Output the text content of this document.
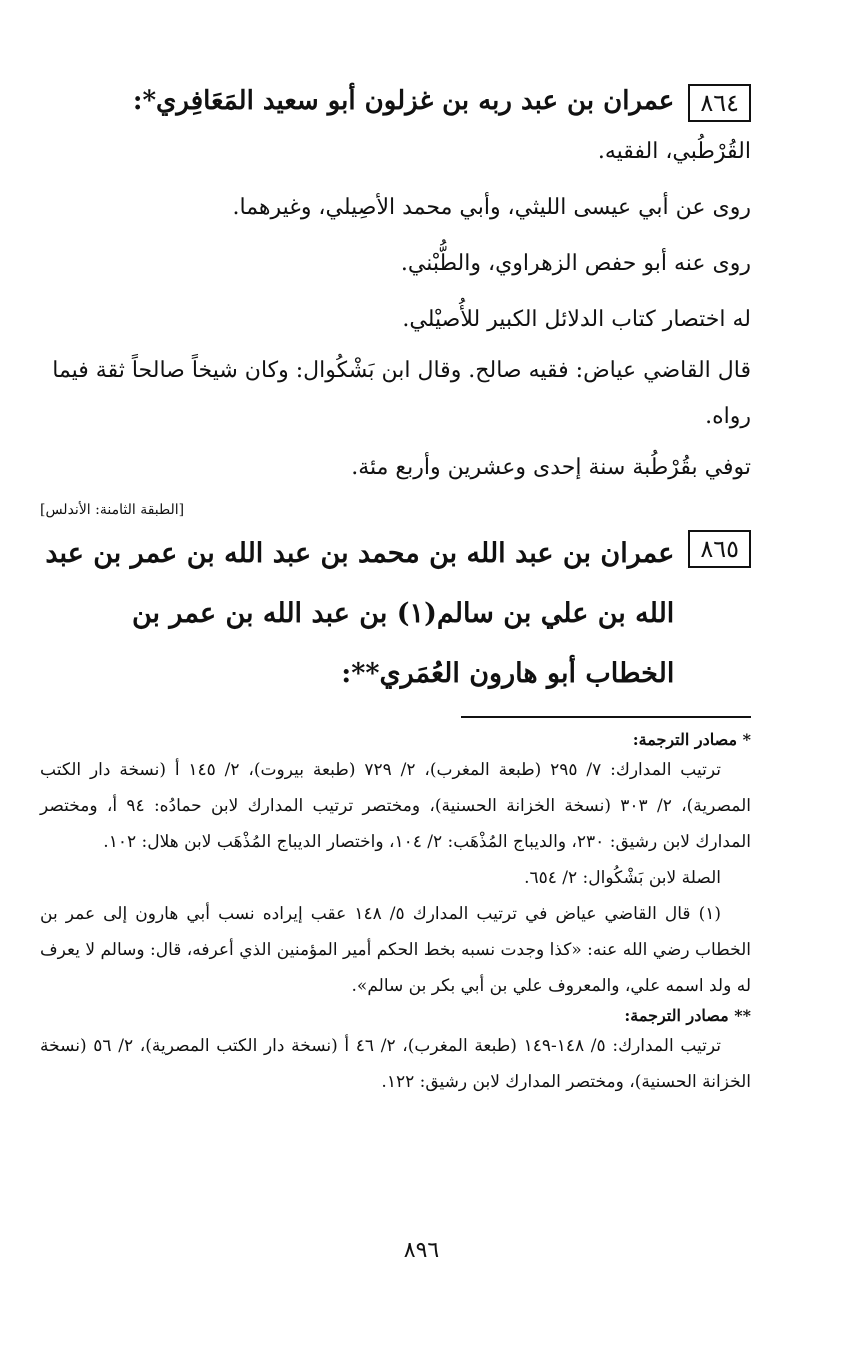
٨٦٤
عمران بن عبد ربه بن غزلون أبو سعيد المَعَافِري*:

القُرْطُبي، الفقيه.

روى عن أبي عيسى الليثي، وأبي محمد الأصِيلي، وغيرهما.

روى عنه أبو حفص الزهراوي، والطُّبْني.

له اختصار كتاب الدلائل الكبير للأُصيْلي.

قال القاضي عياض: فقيه صالح. وقال ابن بَشْكُوال: وكان شيخاً صالحاً ثقة فيما رواه.

توفي بقُرْطُبة سنة إحدى وعشرين وأربع مئة.

[الطبقة الثامنة: الأندلس]
٨٦٥
عمران بن عبد الله بن محمد بن عبد الله بن عمر بن عبد الله بن علي بن سالم(١) بن عبد الله بن عمر بن الخطاب أبو هارون العُمَري**:

* مصادر الترجمة:

ترتيب المدارك: ٧/ ٢٩٥ (طبعة المغرب)، ٢/ ٧٢٩ (طبعة بيروت)، ٢/ ١٤٥ أ (نسخة دار الكتب المصرية)، ٢/ ٣٠٣ (نسخة الخزانة الحسنية)، ومختصر ترتيب المدارك لابن حمادُه: ٩٤ أ، ومختصر المدارك لابن رشيق: ٢٣٠، والديباج المُذْهَب: ٢/ ١٠٤، واختصار الديباج المُذْهَب لابن هلال: ١٠٢.

الصلة لابن بَشْكُوال: ٢/ ٦٥٤.

(١) قال القاضي عياض في ترتيب المدارك ٥/ ١٤٨ عقب إيراده نسب أبي هارون إلى عمر بن الخطاب رضي الله عنه: «كذا وجدت نسبه بخط الحكم أمير المؤمنين الذي أعرفه، قال: وسالم لا يعرف له ولد اسمه علي، والمعروف علي بن أبي بكر بن سالم».

** مصادر الترجمة:

ترتيب المدارك: ٥/ ١٤٨-١٤٩ (طبعة المغرب)، ٢/ ٤٦ أ (نسخة دار الكتب المصرية)، ٢/ ٥٦ (نسخة الخزانة الحسنية)، ومختصر المدارك لابن رشيق: ١٢٢.

٨٩٦
